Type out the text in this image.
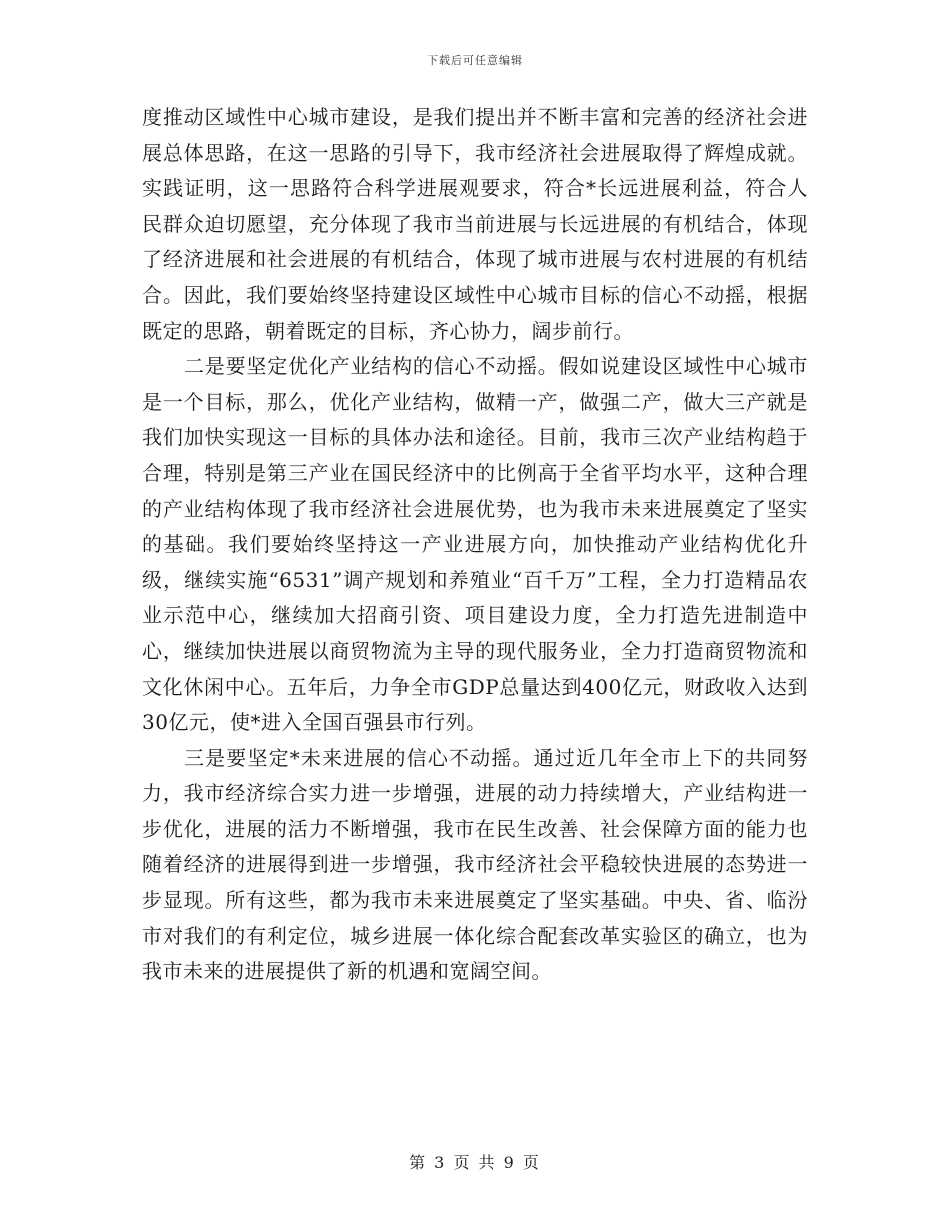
下载后可任意编辑

度推动区域性中心城市建设，是我们提出并不断丰富和完善的经济社会进展总体思路，在这一思路的引导下，我市经济社会进展取得了辉煌成就。实践证明，这一思路符合科学进展观要求，符合*长远进展利益，符合人民群众迫切愿望，充分体现了我市当前进展与长远进展的有机结合，体现了经济进展和社会进展的有机结合，体现了城市进展与农村进展的有机结合。因此，我们要始终坚持建设区域性中心城市目标的信心不动摇，根据既定的思路，朝着既定的目标，齐心协力，阔步前行。

二是要坚定优化产业结构的信心不动摇。假如说建设区域性中心城市是一个目标，那么，优化产业结构，做精一产，做强二产，做大三产就是我们加快实现这一目标的具体办法和途径。目前，我市三次产业结构趋于合理，特别是第三产业在国民经济中的比例高于全省平均水平，这种合理的产业结构体现了我市经济社会进展优势，也为我市未来进展奠定了坚实的基础。我们要始终坚持这一产业进展方向，加快推动产业结构优化升级，继续实施“6531”调产规划和养殖业“百千万”工程，全力打造精品农业示范中心，继续加大招商引资、项目建设力度，全力打造先进制造中心，继续加快进展以商贸物流为主导的现代服务业，全力打造商贸物流和文化休闲中心。五年后，力争全市GDP总量达到400亿元，财政收入达到30亿元，使*进入全国百强县市行列。

三是要坚定*未来进展的信心不动摇。通过近几年全市上下的共同努力，我市经济综合实力进一步增强，进展的动力持续增大，产业结构进一步优化，进展的活力不断增强，我市在民生改善、社会保障方面的能力也随着经济的进展得到进一步增强，我市经济社会平稳较快进展的态势进一步显现。所有这些，都为我市未来进展奠定了坚实基础。中央、省、临汾市对我们的有利定位，城乡进展一体化综合配套改革实验区的确立，也为我市未来的进展提供了新的机遇和宽阔空间。

第 3 页 共 9 页
